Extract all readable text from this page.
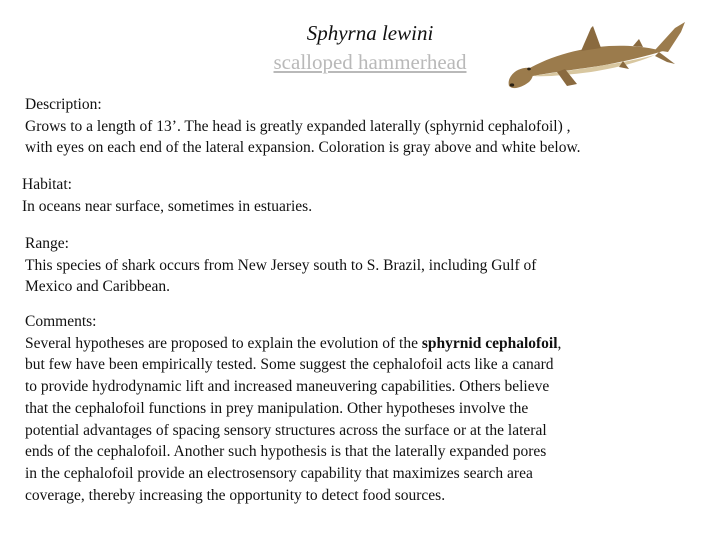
Sphyrna lewini
scalloped hammerhead
Description:
Grows to a length of 13’. The head is greatly expanded laterally (sphyrnid cephalofoil) ,
with eyes on each end of the lateral expansion. Coloration is gray above and white below.
Habitat:
In oceans near surface, sometimes in estuaries.
Range:
This species of shark occurs from New Jersey south to S. Brazil, including Gulf of
Mexico and Caribbean.
Comments:
Several hypotheses are proposed to explain the evolution of the sphyrnid cephalofoil,
but few have been empirically tested. Some suggest the cephalofoil acts like a canard
to provide hydrodynamic lift and increased maneuvering capabilities. Others believe
that the cephalofoil functions in prey manipulation. Other hypotheses involve the
potential advantages of spacing sensory structures across the surface or at the lateral
ends of the cephalofoil. Another such hypothesis is that the laterally expanded pores
in the cephalofoil provide an electrosensory capability that maximizes search area
coverage, thereby increasing the opportunity to detect food sources.
